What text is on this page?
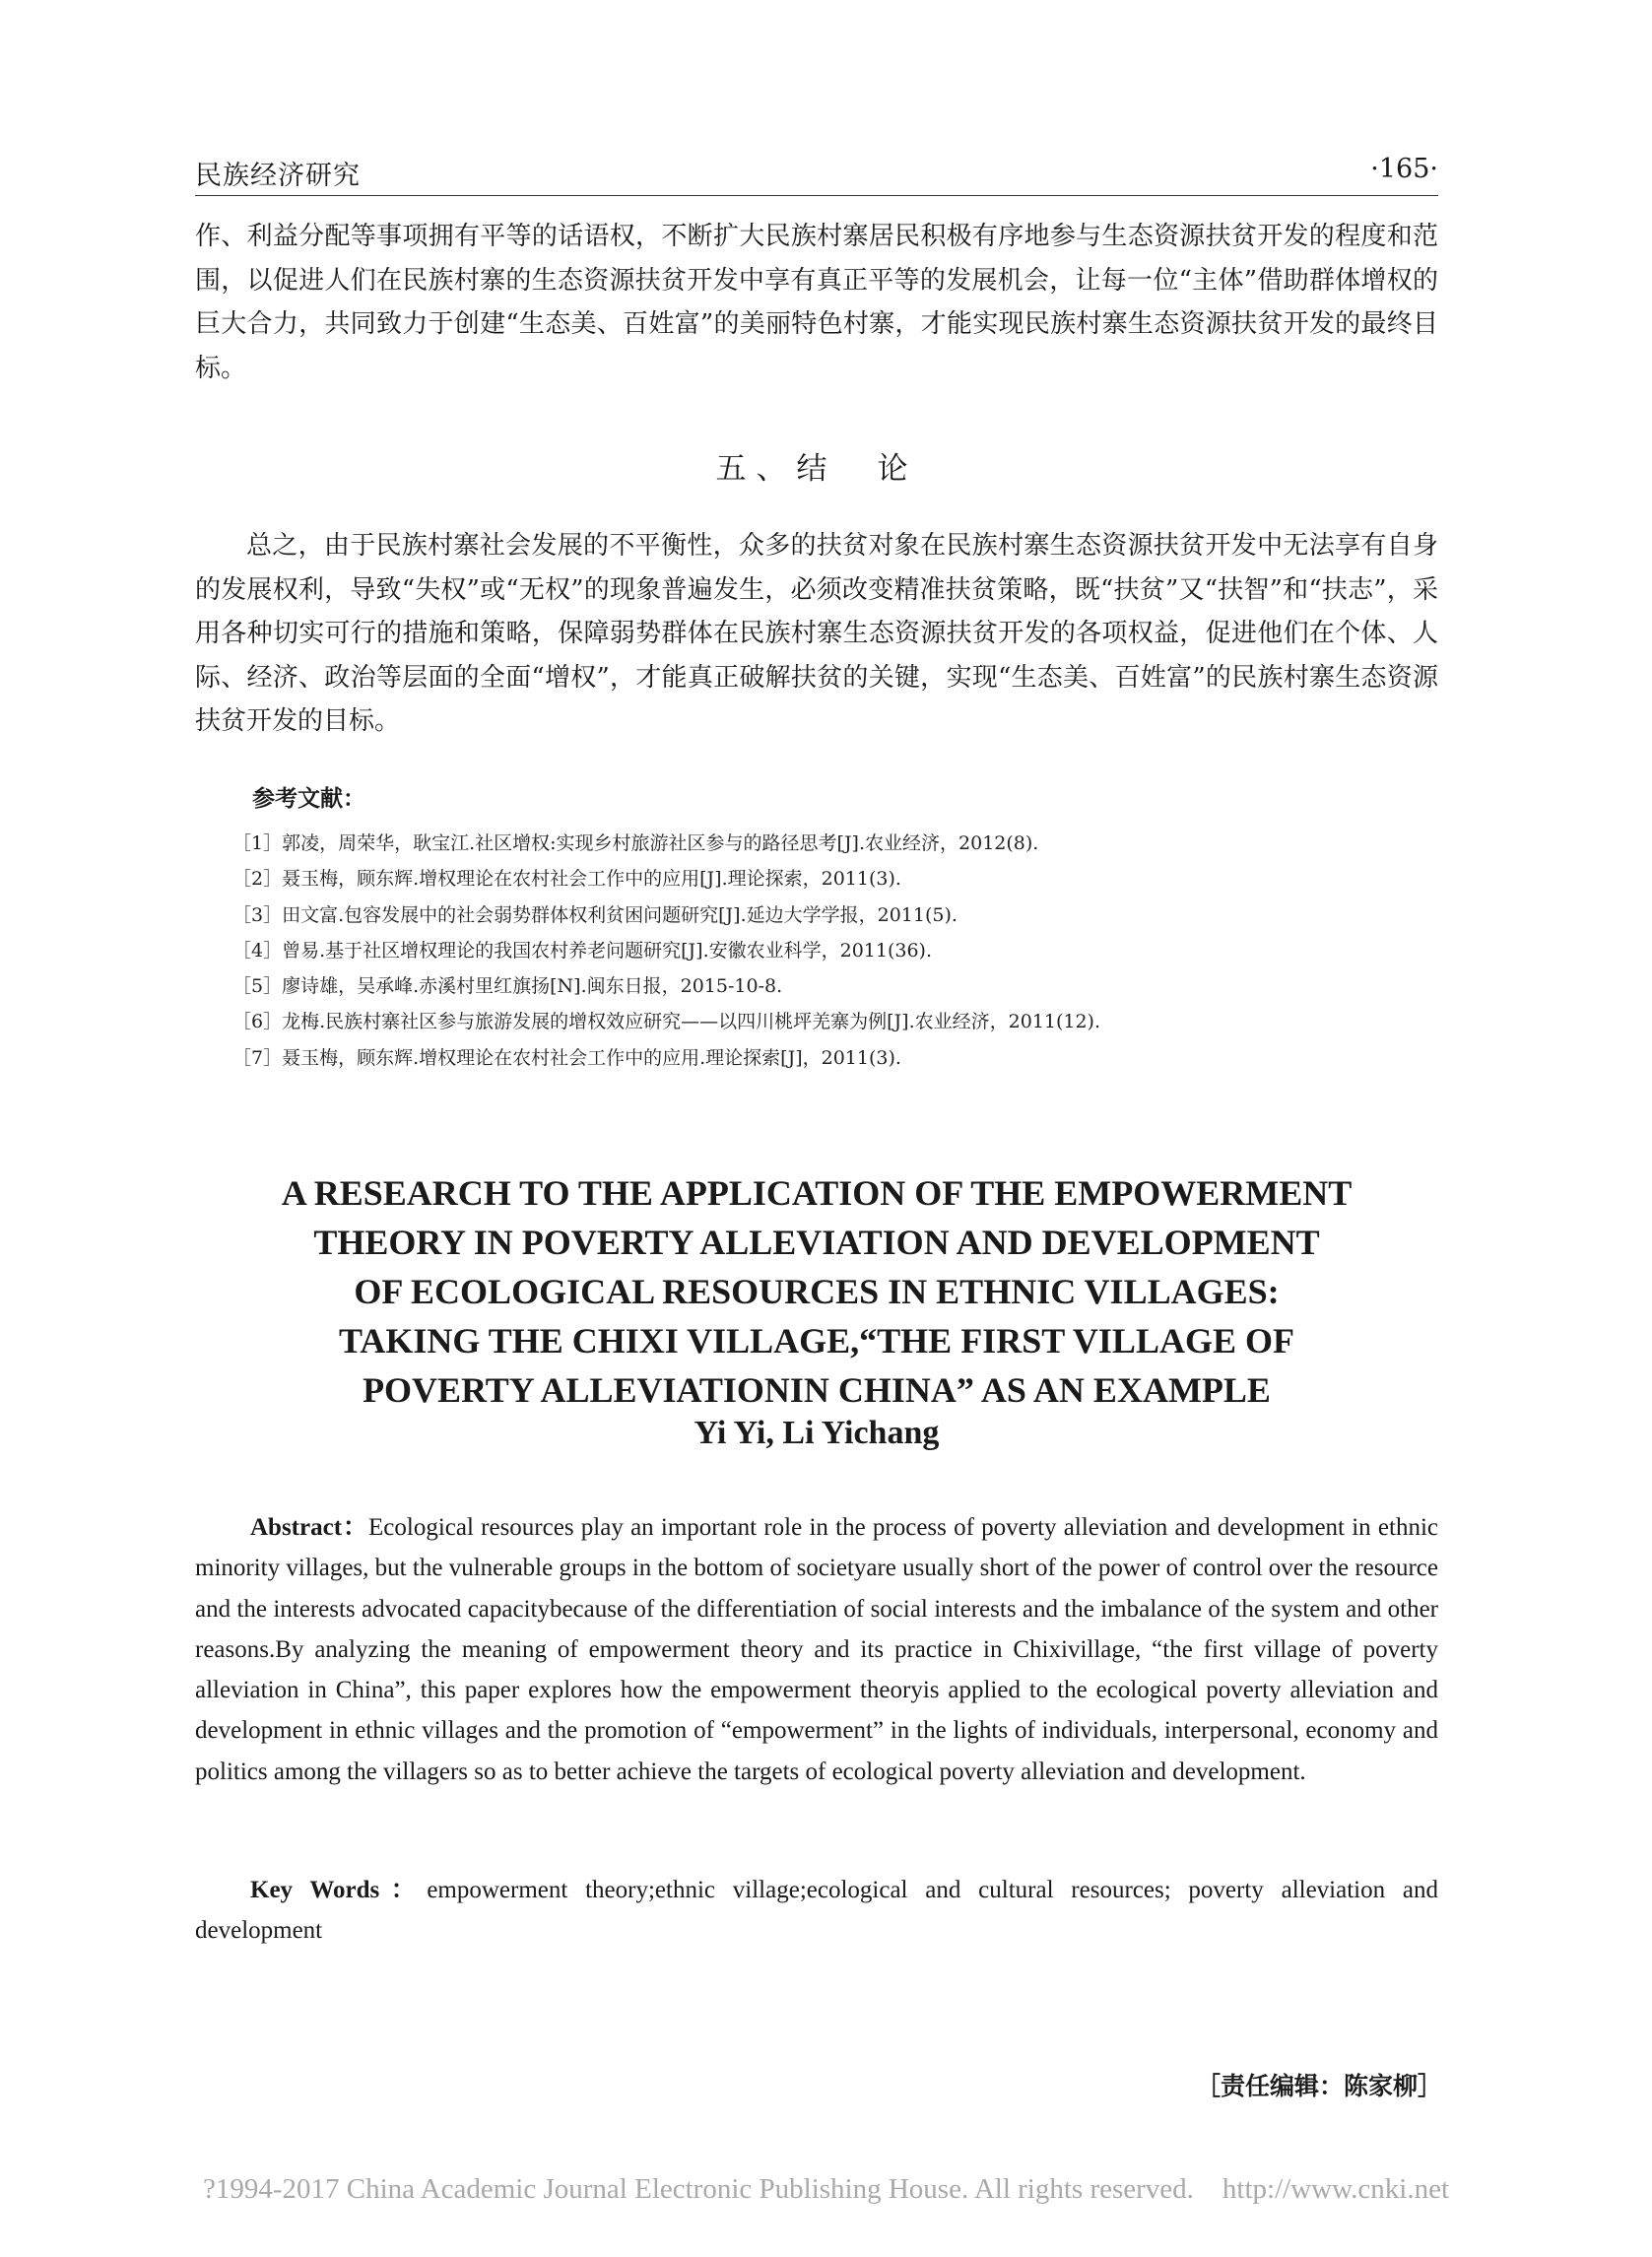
民族经济研究	·165·

作、利益分配等事项拥有平等的话语权，不断扩大民族村寨居民积极有序地参与生态资源扶贫开发的程度和范围，以促进人们在民族村寨的生态资源扶贫开发中享有真正平等的发展机会，让每一位“主体”借助群体增权的巨大合力，共同致力于创建“生态美、百姓富”的美丽特色村寨，才能实现民族村寨生态资源扶贫开发的最终目标。

五、结　论

总之，由于民族村寨社会发展的不平衡性，众多的扶贫对象在民族村寨生态资源扶贫开发中无法享有自身的发展权利，导致“失权”或“无权”的现象普遍发生，必须改变精准扶贫策略，既“扶贫”又“扶智”和“扶志”，采用各种切实可行的措施和策略，保障弱势群体在民族村寨生态资源扶贫开发的各项权益，促进他们在个体、人际、经济、政治等层面的全面“增权”，才能真正破解扶贫的关键，实现“生态美、百姓富”的民族村寨生态资源扶贫开发的目标。

参考文献：
［1］郭凌，周荣华，耿宝江.社区增权:实现乡村旅游社区参与的路径思考[J].农业经济，2012(8).
［2］聂玉梅，顾东辉.增权理论在农村社会工作中的应用[J].理论探索，2011(3).
［3］田文富.包容发展中的社会弱势群体权利贫困问题研究[J].延边大学学报，2011(5).
［4］曾易.基于社区增权理论的我国农村养老问题研究[J].安徽农业科学，2011(36).
［5］廖诗雄，吴承峰.赤溪村里红旗扬[N].闽东日报，2015-10-8.
［6］龙梅.民族村寨社区参与旅游发展的增权效应研究——以四川桃坪羌寨为例[J].农业经济，2011(12).
［7］聂玉梅，顾东辉.增权理论在农村社会工作中的应用.理论探索[J]，2011(3).
A RESEARCH TO THE APPLICATION OF THE EMPOWERMENT
THEORY IN POVERTY ALLEVIATION AND DEVELOPMENT
OF ECOLOGICAL RESOURCES IN ETHNIC VILLAGES:
TAKING THE CHIXI VILLAGE,“THE FIRST VILLAGE OF
POVERTY ALLEVIATIONIN CHINA” AS AN EXAMPLE
Yi Yi, Li Yichang

Abstract：Ecological resources play an important role in the process of poverty alleviation and development in ethnic minority villages, but the vulnerable groups in the bottom of societyare usually short of the power of control over the resource and the interests advocated capacitybecause of the differentiation of social interests and the imbalance of the system and other reasons.By analyzing the meaning of empowerment theory and its practice in Chixivillage, “the first village of poverty alleviation in China”, this paper explores how the empowerment theoryis applied to the ecological poverty alleviation and development in ethnic villages and the promotion of “empowerment” in the lights of individuals, interpersonal, economy and politics among the villagers so as to better achieve the targets of ecological poverty alleviation and development.

Key Words：empowerment theory;ethnic village;ecological and cultural resources; poverty alleviation and development

［责任编辑：陈家柳］
?1994-2017 China Academic Journal Electronic Publishing House. All rights reserved.    http://www.cnki.net
